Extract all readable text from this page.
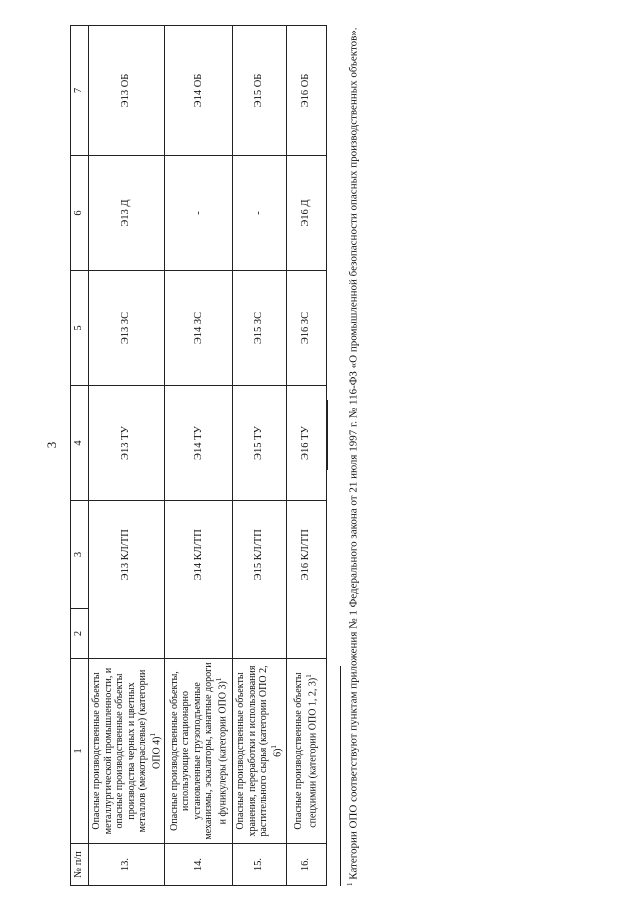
3
№ п/п	1	2	3	4	5	6	7
13.	Опасные производственные объекты металлургической промышленности, и опасные производственные объекты производства черных и цветных металлов (межотраслевые) (категории ОПО 4)$^1$		Э13 КЛ/ТП	Э13 ТУ	Э13 ЗС	Э13 Д	Э13 ОБ
14.	Опасные производственные объекты, использующие стационарно установленные грузоподъемные механизмы, эскалаторы, канатные дороги и фуникулеры (категории ОПО 3)$^1$		Э14 КЛ/ТП	Э14 ТУ	Э14 ЗС	-	Э14 ОБ
15.	Опасные производственные объекты хранения, переработки и использования растительного сырья (категории ОПО 2, 6)$^1$		Э15 КЛ/ТП	Э15 ТУ	Э15 ЗС	-	Э15 ОБ
16.	Опасные производственные объекты спецхимии (категории ОПО 1, 2, 3)$^1$		Э16 КЛ/ТП	Э16 ТУ	Э16 ЗС	Э16 Д	Э16 ОБ
$^1$ Категории ОПО соответствуют пунктам приложения № 1 Федерального закона от 21 июля 1997 г. № 116-ФЗ «О промышленной безопасности опасных производственных объектов».
